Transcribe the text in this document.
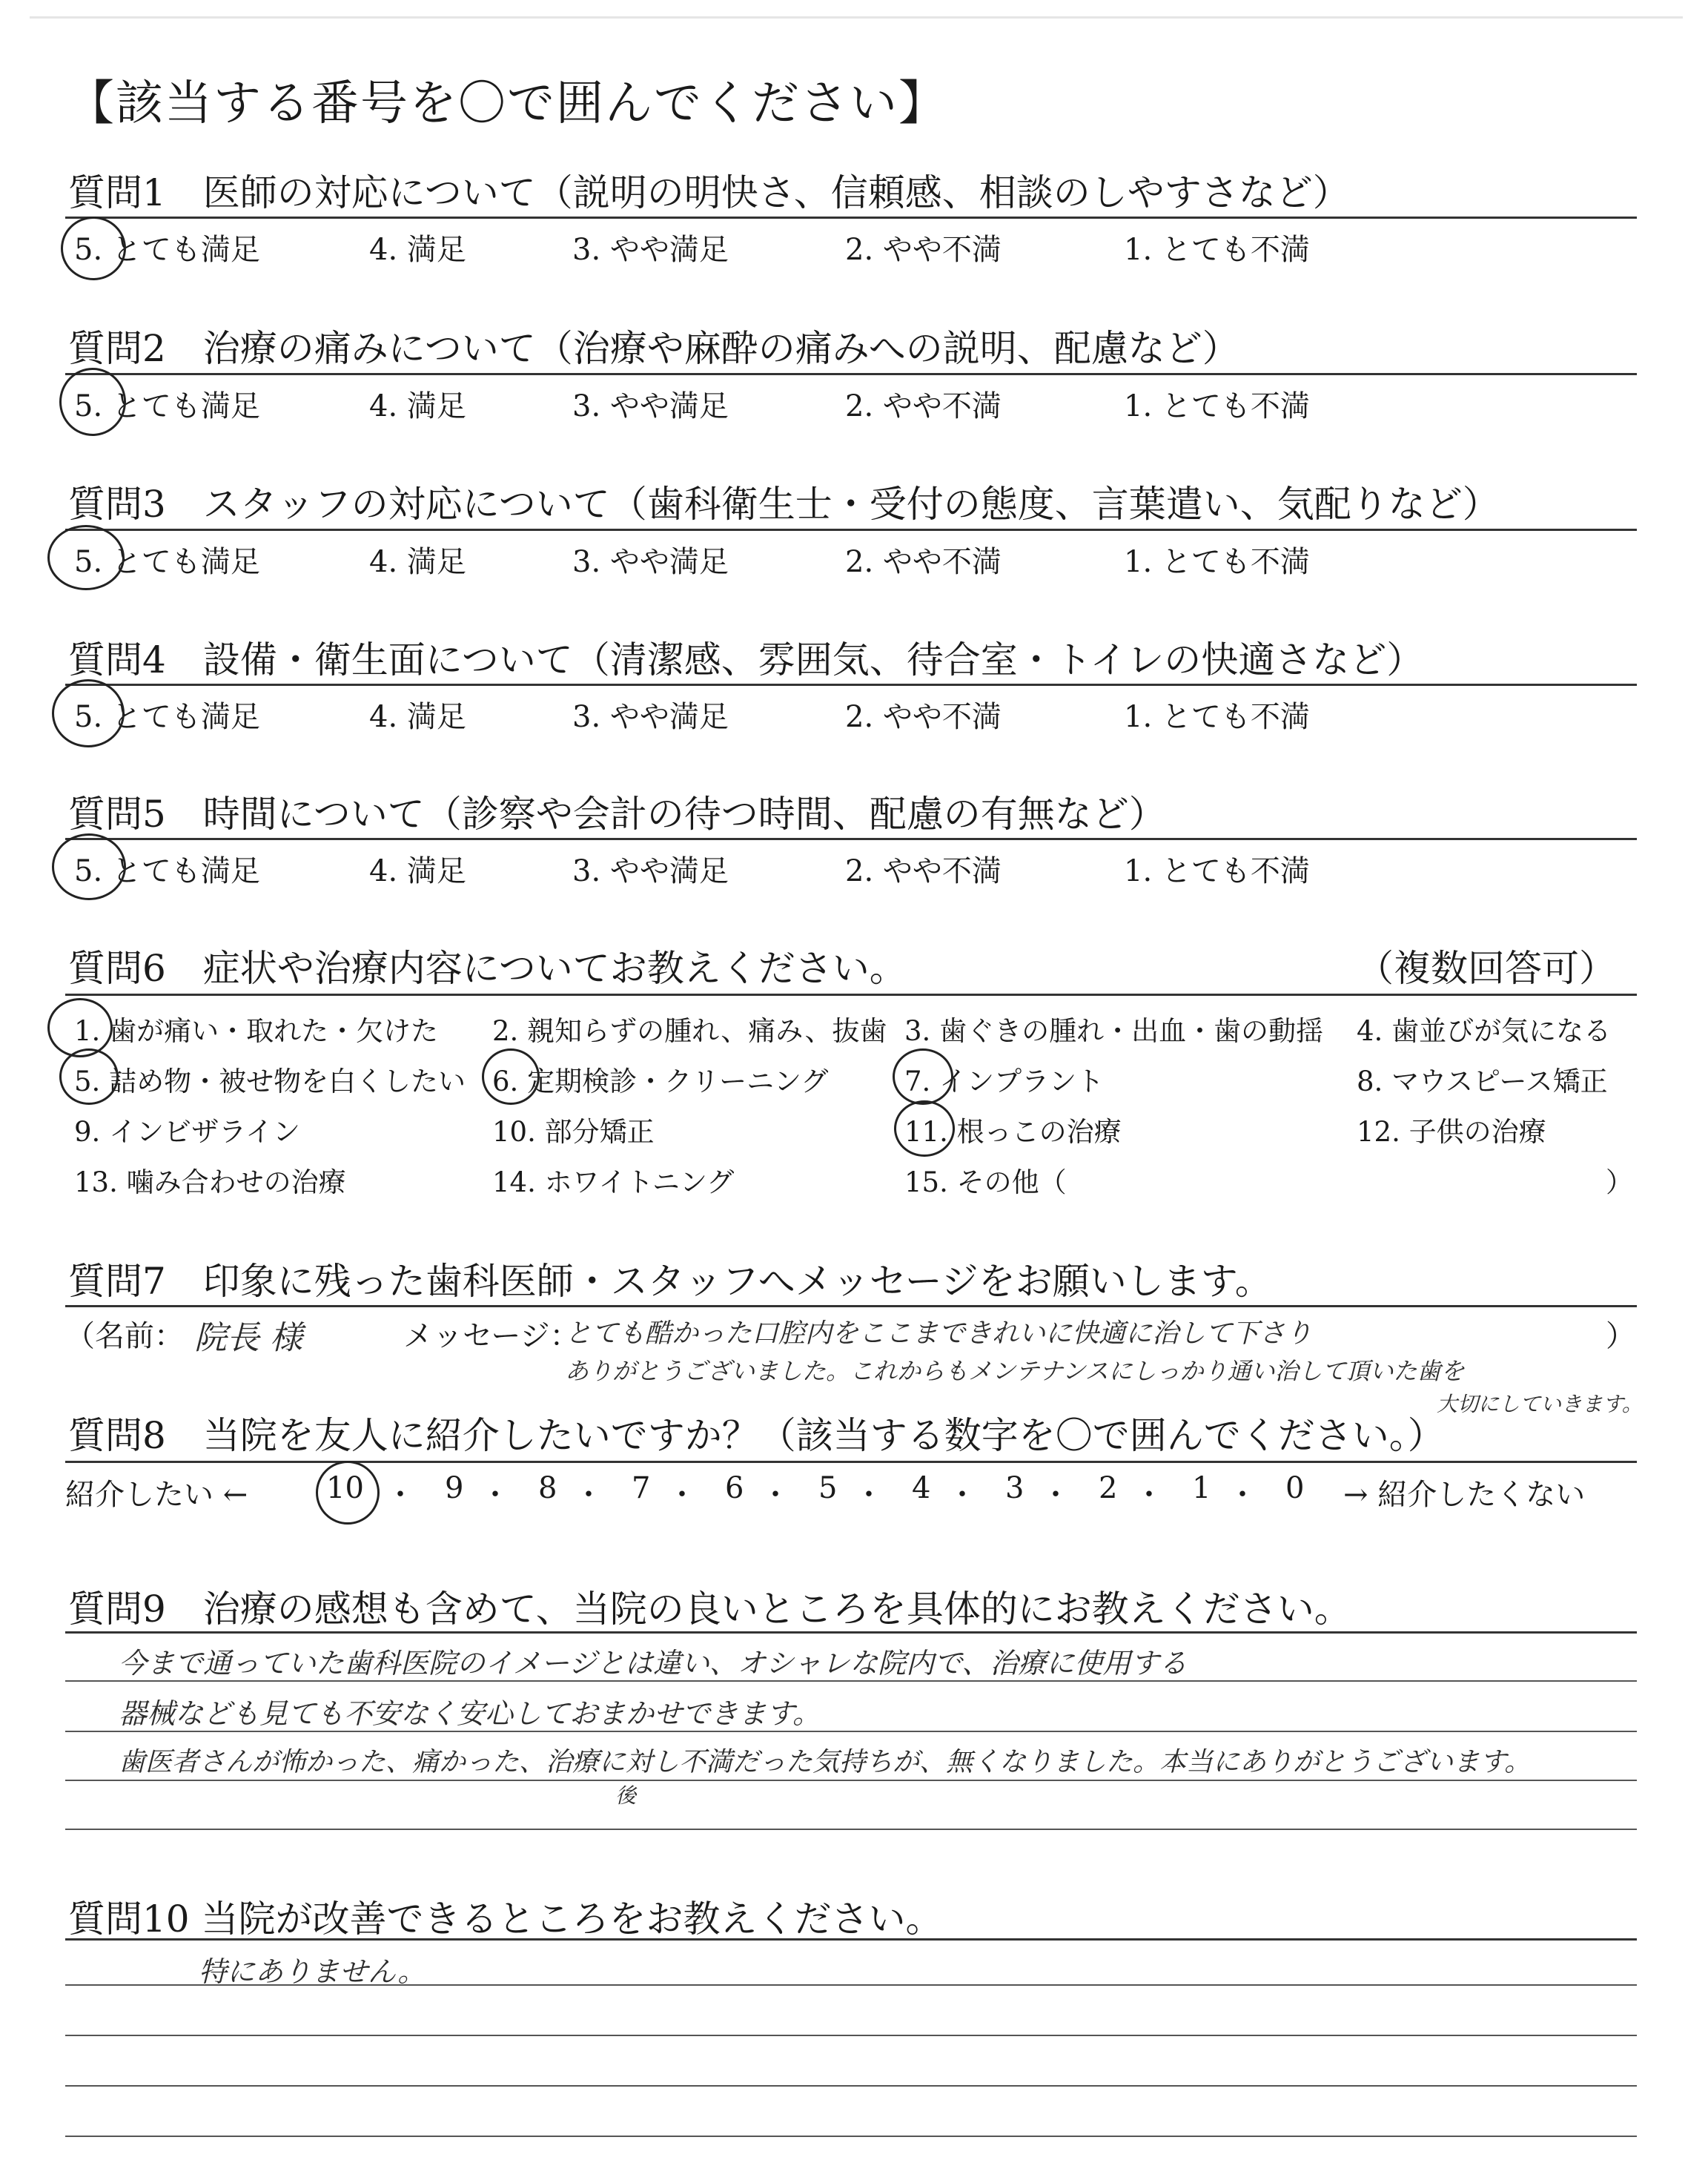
【該当する番号を〇で囲んでください】
質問1　医師の対応について（説明の明快さ、信頼感、相談のしやすさなど）
5. とても満足	4. 満足	3. やや満足	2. やや不満	1. とても不満
質問2　治療の痛みについて（治療や麻酔の痛みへの説明、配慮など）
5. とても満足	4. 満足	3. やや満足	2. やや不満	1. とても不満
質問3　スタッフの対応について（歯科衛生士・受付の態度、言葉遣い、気配りなど）
5. とても満足	4. 満足	3. やや満足	2. やや不満	1. とても不満
質問4　設備・衛生面について（清潔感、雰囲気、待合室・トイレの快適さなど）
5. とても満足	4. 満足	3. やや満足	2. やや不満	1. とても不満
質問5　時間について（診察や会計の待つ時間、配慮の有無など）
5. とても満足	4. 満足	3. やや満足	2. やや不満	1. とても不満
質問6　症状や治療内容についてお教えください。	（複数回答可）
1. 歯が痛い・取れた・欠けた 2. 親知らずの腫れ、痛み、抜歯 3. 歯ぐきの腫れ・出血・歯の動揺 4. 歯並びが気になる
5. 詰め物・被せ物を白くしたい 6. 定期検診・クリーニング	7. インプラント	8. マウスピース矯正
9. インビザライン	10. 部分矯正	11. 根っこの治療	12. 子供の治療
13. 噛み合わせの治療	14. ホワイトニング	15. その他（	）
質問7　印象に残った歯科医師・スタッフへメッセージをお願いします。
（名前： 院長 様	メッセージ：
とても酷かった口腔内をここまできれいに快適に治して下さり
ありがとうございました。これからもメンテナンスにしっかり通い治して頂いた歯を
大切にしていきます。
）
質問8　当院を友人に紹介したいですか？（該当する数字を〇で囲んでください。）
紹介したい ←	→ 紹介したくない
10 ・ 9 ・ 8 ・ 7 ・ 6 ・ 5 ・ 4 ・ 3 ・ 2 ・ 1 ・ 0
質問9　治療の感想も含めて、当院の良いところを具体的にお教えください。
今まで通っていた歯科医院のイメージとは違い、オシャレな院内で、治療に使用する
器械なども見ても不安なく安心しておまかせできます。
歯医者さんが怖かった、痛かった、治療に対し不満だった気持ちが、無くなりました。本当にありがとうございます。
後
質問10 当院が改善できるところをお教えください。
特にありません。
